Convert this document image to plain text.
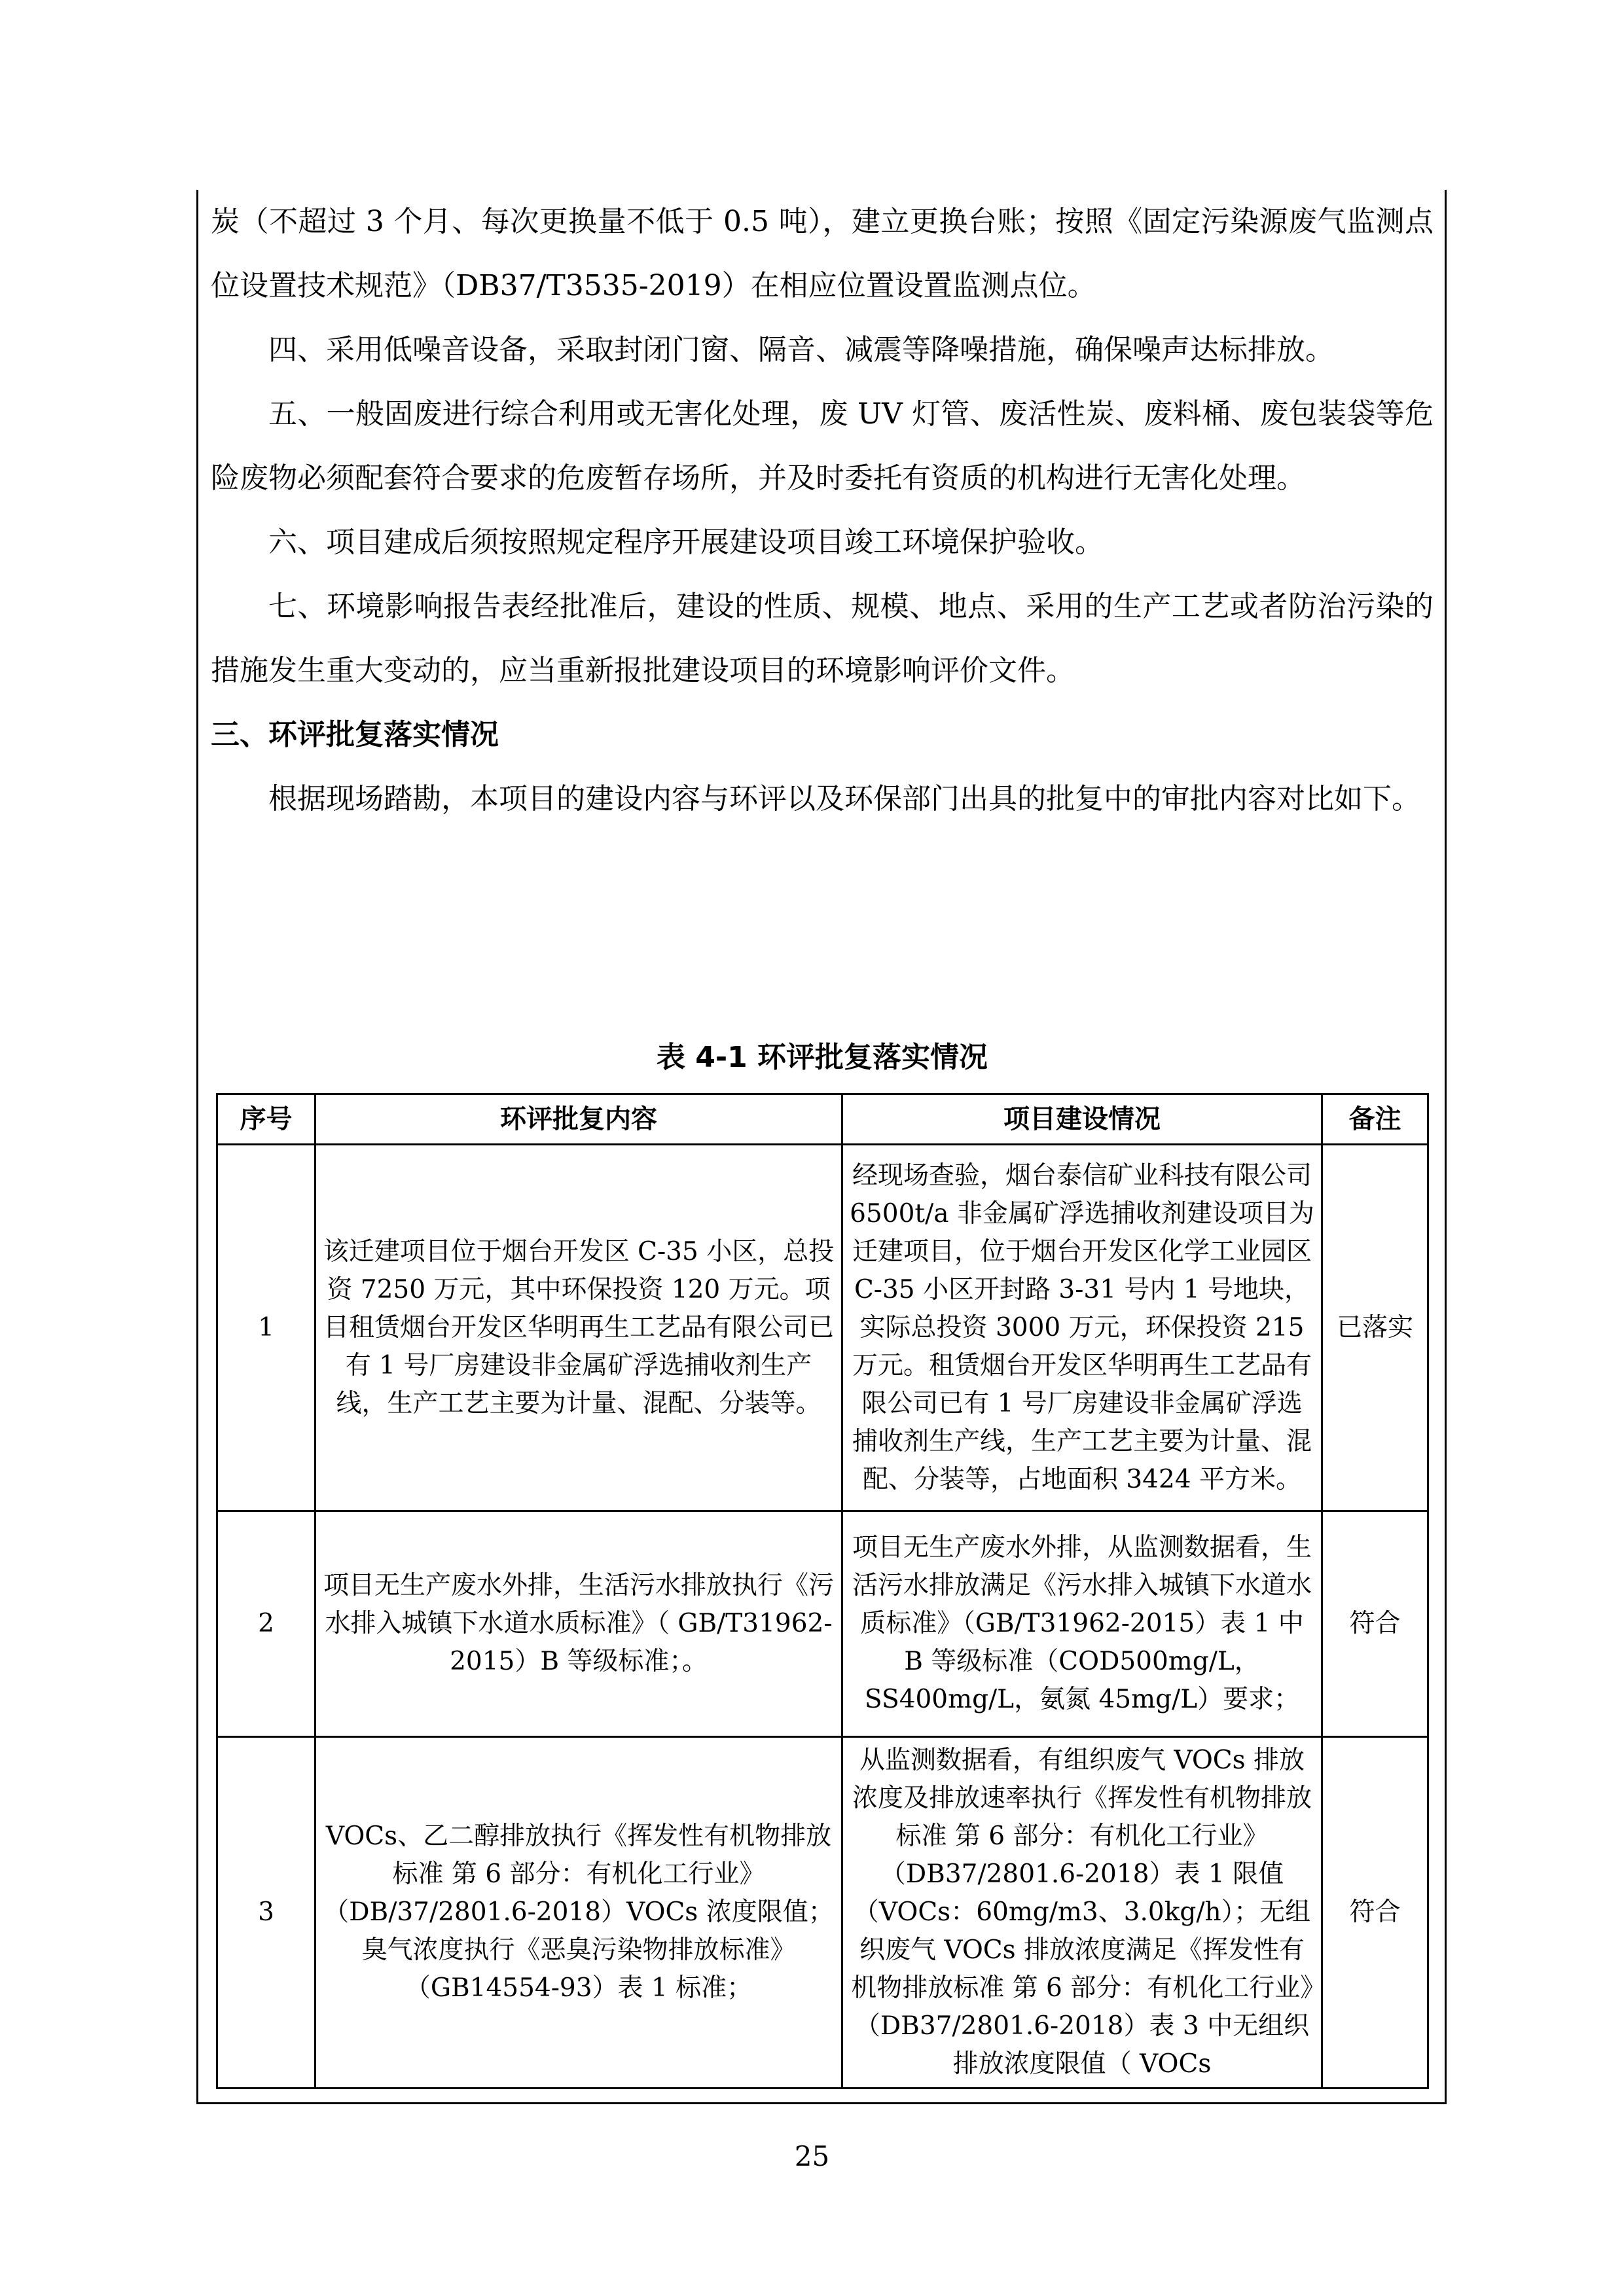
炭（不超过 3 个月、每次更换量不低于 0.5 吨），建立更换台账；按照《固定污染源废气监测点位设置技术规范》（DB37/T3535-2019）在相应位置设置监测点位。

四、采用低噪音设备，采取封闭门窗、隔音、减震等降噪措施，确保噪声达标排放。

五、一般固废进行综合利用或无害化处理，废 UV 灯管、废活性炭、废料桶、废包装袋等危险废物必须配套符合要求的危废暂存场所，并及时委托有资质的机构进行无害化处理。

六、项目建成后须按照规定程序开展建设项目竣工环境保护验收。

七、环境影响报告表经批准后，建设的性质、规模、地点、采用的生产工艺或者防治污染的措施发生重大变动的，应当重新报批建设项目的环境影响评价文件。

三、环评批复落实情况

根据现场踏勘，本项目的建设内容与环评以及环保部门出具的批复中的审批内容对比如下。

表 4-1 环评批复落实情况
序号	环评批复内容	项目建设情况	备注
1	该迁建项目位于烟台开发区 C-35 小区，总投资 7250 万元，其中环保投资 120 万元。项目租赁烟台开发区华明再生工艺品有限公司已有 1 号厂房建设非金属矿浮选捕收剂生产线，生产工艺主要为计量、混配、分装等。	经现场查验，烟台泰信矿业科技有限公司 6500t/a 非金属矿浮选捕收剂建设项目为迁建项目，位于烟台开发区化学工业园区 C-35 小区开封路 3-31 号内 1 号地块，实际总投资 3000 万元，环保投资 215 万元。租赁烟台开发区华明再生工艺品有限公司已有 1 号厂房建设非金属矿浮选捕收剂生产线，生产工艺主要为计量、混配、分装等，占地面积 3424 平方米。	已落实
2	项目无生产废水外排，生活污水排放执行《污水排入城镇下水道水质标准》（ GB/T31962-2015）B 等级标准；。	项目无生产废水外排，从监测数据看，生活污水排放满足《污水排入城镇下水道水质标准》（GB/T31962-2015）表 1 中 B 等级标准（COD500mg/L，SS400mg/L，氨氮 45mg/L）要求；	符合
3	VOCs、乙二醇排放执行《挥发性有机物排放标准 第 6 部分：有机化工行业》（DB/37/2801.6-2018）VOCs 浓度限值；臭气浓度执行《恶臭污染物排放标准》（GB14554-93）表 1 标准；	从监测数据看，有组织废气 VOCs 排放浓度及排放速率执行《挥发性有机物排放标准 第 6 部分：有机化工行业》（DB37/2801.6-2018）表 1 限值（VOCs：60mg/m3、3.0kg/h）；无组织废气 VOCs 排放浓度满足《挥发性有机物排放标准 第 6 部分：有机化工行业》（DB37/2801.6-2018）表 3 中无组织排放浓度限值（ VOCs	符合
25
